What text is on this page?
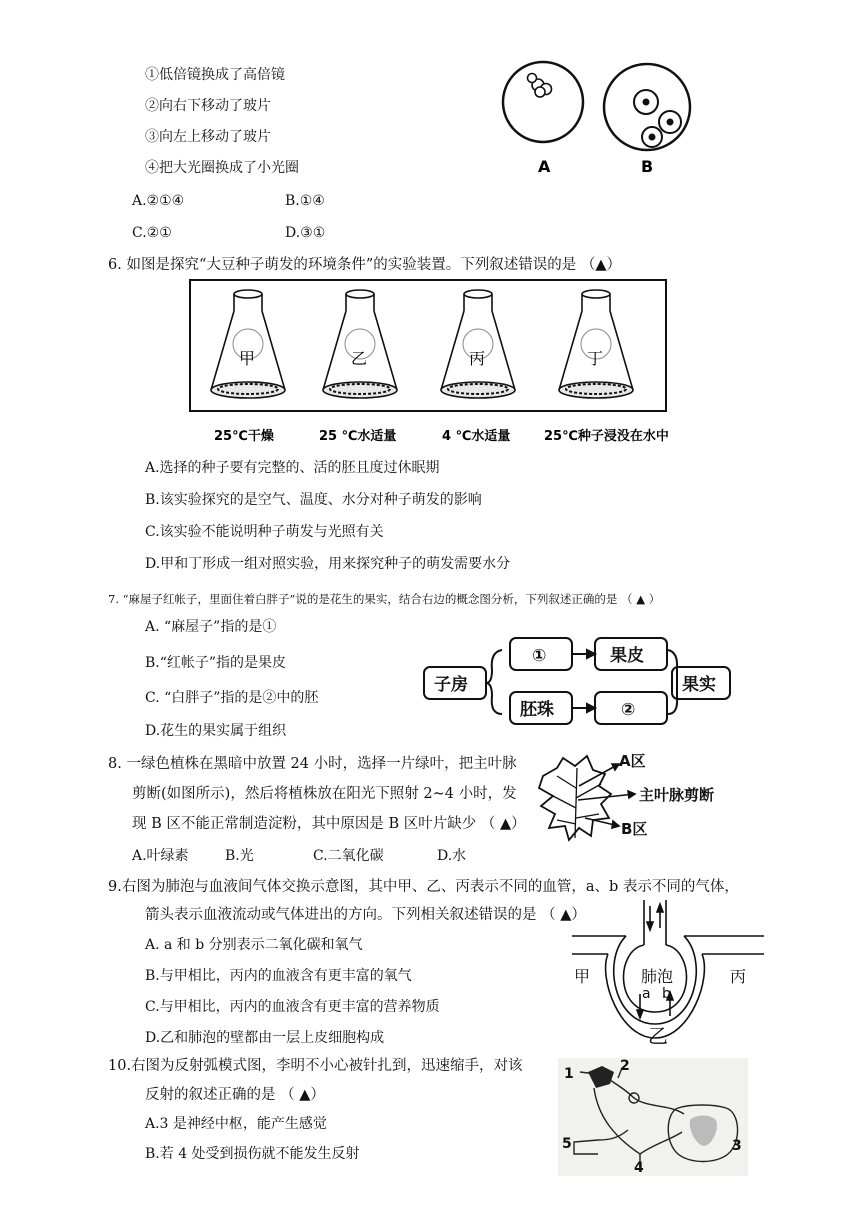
①低倍镜换成了高倍镜
②向右下移动了玻片
③向左上移动了玻片
④把大光圈换成了小光圈
A.②①④	B.①④
C.②①	D.③①
A	B
6. 如图是探究“大豆种子萌发的环境条件”的实验装置。下列叙述错误的是 （▲）
甲	乙	丙	丁
25℃干燥	25 ℃水适量	4 ℃水适量	25℃种子浸没在水中
A.选择的种子要有完整的、活的胚且度过休眠期
B.该实验探究的是空气、温度、水分对种子萌发的影响
C.该实验不能说明种子萌发与光照有关
D.甲和丁形成一组对照实验，用来探究种子的萌发需要水分
7. “麻屋子红帐子，里面住着白胖子”说的是花生的果实，结合右边的概念图分析，下列叙述正确的是 （ ▲ ）
A. “麻屋子”指的是①
B.“红帐子”指的是果皮
C. “白胖子”指的是②中的胚
D.花生的果实属于组织
子房
①
胚珠
果皮
②
果实
8. 一绿色植株在黑暗中放置 24 小时，选择一片绿叶，把主叶脉
剪断(如图所示)，然后将植株放在阳光下照射 2~4 小时，发
现 B 区不能正常制造淀粉，其中原因是 B 区叶片缺少 （ ▲）
A.叶绿素	B.光	C.二氧化碳	D.水
A区
主叶脉剪断
B区
9.右图为肺泡与血液间气体交换示意图，其中甲、乙、丙表示不同的血管，a、b 表示不同的气体，
箭头表示血液流动或气体进出的方向。下列相关叙述错误的是 （ ▲）
A. a 和 b 分别表示二氧化碳和氧气
B.与甲相比，丙内的血液含有更丰富的氧气
C.与甲相比，丙内的血液含有更丰富的营养物质
D.乙和肺泡的壁都由一层上皮细胞构成
肺泡
甲	丙
乙
a b
10.右图为反射弧模式图，李明不小心被针扎到，迅速缩手，对该
反射的叙述正确的是 （ ▲）
A.3 是神经中枢，能产生感觉
B.若 4 处受到损伤就不能发生反射
1	2
3
4
5
